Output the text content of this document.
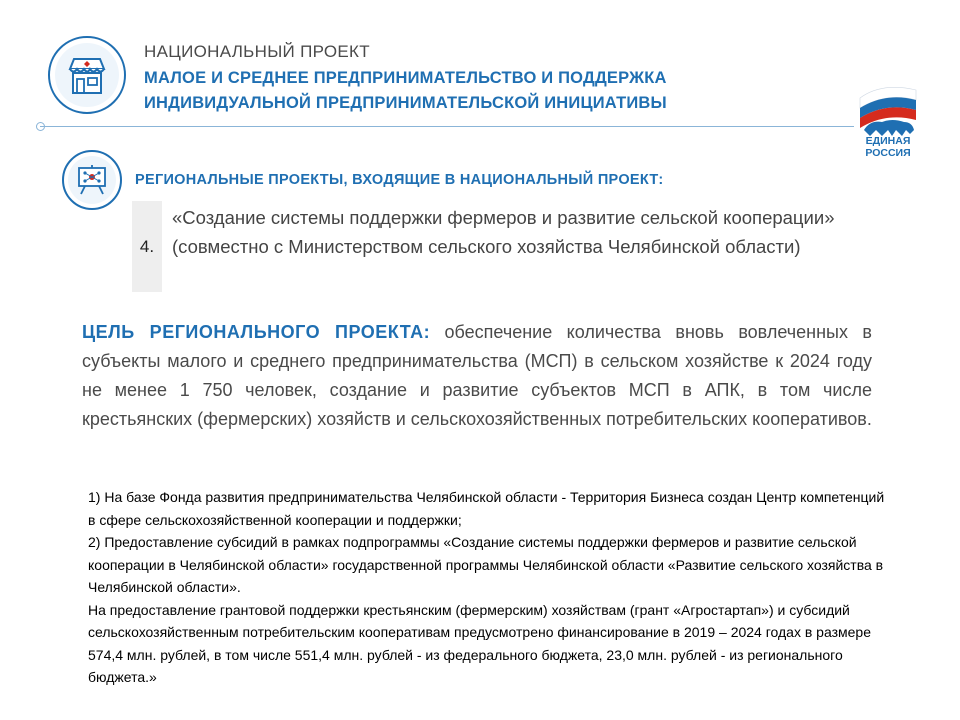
НАЦИОНАЛЬНЫЙ ПРОЕКТ
МАЛОЕ И СРЕДНЕЕ ПРЕДПРИНИМАТЕЛЬСТВО И ПОДДЕРЖКА
ИНДИВИДУАЛЬНОЙ ПРЕДПРИНИМАТЕЛЬСКОЙ ИНИЦИАТИВЫ
ЕДИНАЯ
РОССИЯ
РЕГИОНАЛЬНЫЕ ПРОЕКТЫ, ВХОДЯЩИЕ В НАЦИОНАЛЬНЫЙ ПРОЕКТ:
4.
«Создание системы поддержки фермеров и развитие сельской кооперации» (совместно с Министерством сельского хозяйства Челябинской области)
ЦЕЛЬ РЕГИОНАЛЬНОГО ПРОЕКТА: обеспечение количества вновь вовлеченных в субъекты малого и среднего предпринимательства (МСП) в сельском хозяйстве к 2024 году не менее 1 750 человек, создание и развитие субъектов МСП в АПК, в том числе крестьянских (фермерских) хозяйств и сельскохозяйственных потребительских кооперативов.

1) На базе Фонда развития предпринимательства Челябинской области - Территория Бизнеса создан Центр компетенций в сфере сельскохозяйственной кооперации и поддержки;

2) Предоставление субсидий в рамках подпрограммы «Создание системы поддержки фермеров и развитие сельской кооперации в Челябинской области» государственной программы Челябинской области «Развитие сельского хозяйства в Челябинской области».

На предоставление грантовой поддержки крестьянским (фермерским) хозяйствам (грант «Агростартап») и субсидий сельскохозяйственным потребительским кооперативам предусмотрено финансирование в 2019 – 2024 годах в размере 574,4 млн. рублей, в том числе 551,4 млн. рублей - из федерального бюджета, 23,0 млн. рублей - из регионального бюджета.»
